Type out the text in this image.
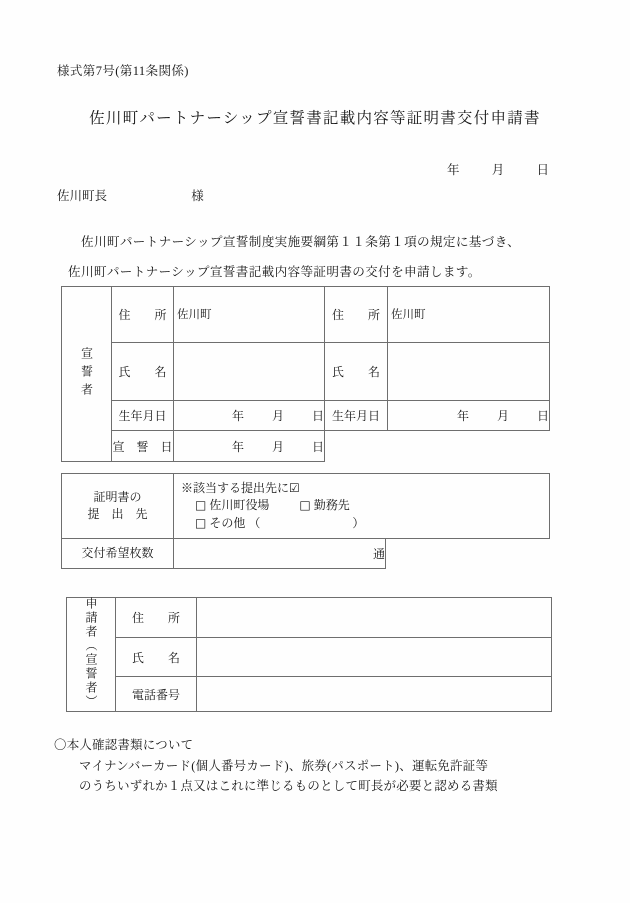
様式第7号(第11条関係)
佐川町パートナーシップ宣誓書記載内容等証明書交付申請書
年	月	日
佐川町長	様
佐川町パートナーシップ宣誓制度実施要綱第１１条第１項の規定に基づき、
佐川町パートナーシップ宣誓書記載内容等証明書の交付を申請します。
宣誓者	住　　所	佐川町	住　　所	佐川町

	氏　　名		氏　　名	
	生年月日	年 月 日	生年月日	年 月 日
	宣　誓　日	年 月 日		
証明書の
提　出　先	
※該当する提出先に☑
□ 佐川町役場	□ 勤務先
□ その他 （	）

交付希望枚数	通	
申請者（宣誓者）	住　　所	
	氏　　名	
	電話番号	
〇本人確認書類について
マイナンバーカード(個人番号カード)、旅券(パスポート)、運転免許証等
のうちいずれか１点又はこれに準じるものとして町長が必要と認める書類
